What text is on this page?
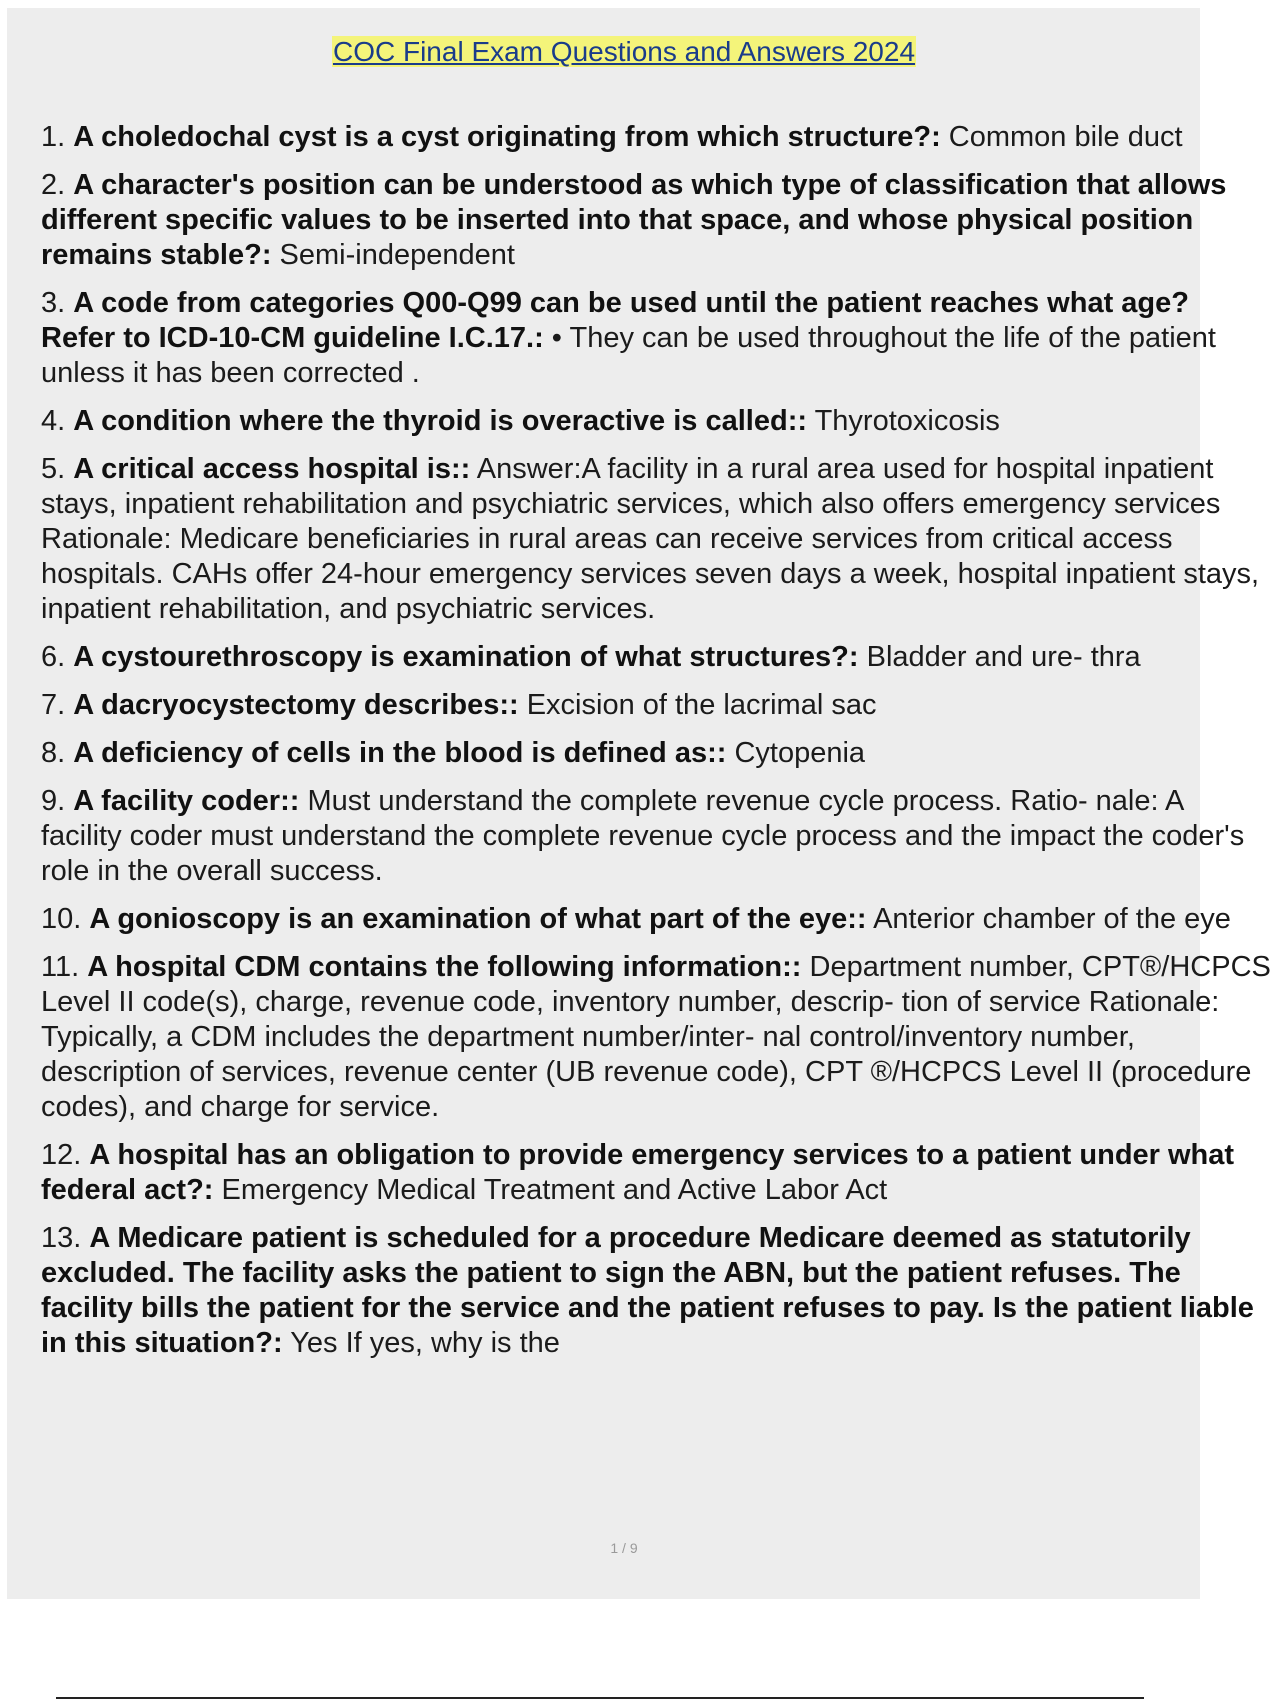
COC Final Exam Questions and Answers 2024
1. A choledochal cyst is a cyst originating from which structure?: Common bile duct
2. A character's position can be understood as which type of classification that allows different specific values to be inserted into that space, and whose physical position remains stable?: Semi-independent
3. A code from categories Q00-Q99 can be used until the patient reaches what age? Refer to ICD-10-CM guideline I.C.17.: • They can be used throughout the life of the patient unless it has been corrected .
4. A condition where the thyroid is overactive is called:: Thyrotoxicosis
5. A critical access hospital is:: Answer:A facility in a rural area used for hospital inpatient stays, inpatient rehabilitation and psychiatric services, which also offers emergency services Rationale: Medicare beneficiaries in rural areas can receive services from critical access hospitals. CAHs offer 24-hour emergency services seven days a week, hospital inpatient stays, inpatient rehabilitation, and psychiatric services.
6. A cystourethroscopy is examination of what structures?: Bladder and ure- thra
7. A dacryocystectomy describes:: Excision of the lacrimal sac
8. A deficiency of cells in the blood is defined as:: Cytopenia
9. A facility coder:: Must understand the complete revenue cycle process. Ratio- nale: A facility coder must understand the complete revenue cycle process and the impact the coder's role in the overall success.
10. A gonioscopy is an examination of what part of the eye:: Anterior chamber of the eye
11. A hospital CDM contains the following information:: Department number, CPT®/HCPCS Level II code(s), charge, revenue code, inventory number, descrip- tion of service Rationale: Typically, a CDM includes the department number/inter- nal control/inventory number, description of services, revenue center (UB revenue code), CPT ®/HCPCS Level II (procedure codes), and charge for service.
12. A hospital has an obligation to provide emergency services to a patient under what federal act?: Emergency Medical Treatment and Active Labor Act
13. A Medicare patient is scheduled for a procedure Medicare deemed as statutorily excluded. The facility asks the patient to sign the ABN, but the patient refuses. The facility bills the patient for the service and the patient refuses to pay. Is the patient liable in this situation?: Yes If yes, why is the
1 / 9
